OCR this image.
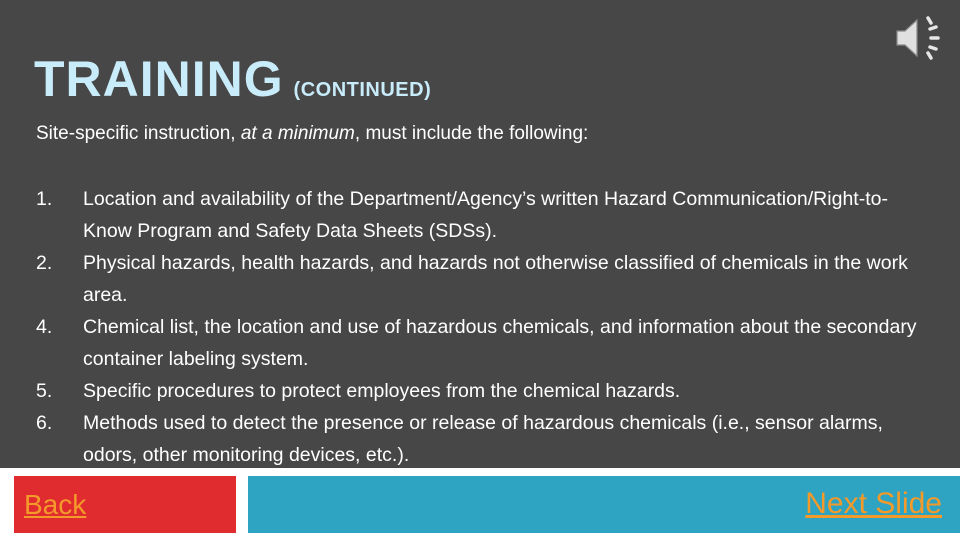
TRAINING (CONTINUED)
Site-specific instruction, at a minimum, must include the following:
1. Location and availability of the Department/Agency’s written Hazard Communication/Right-to-Know Program and Safety Data Sheets (SDSs).
2. Physical hazards, health hazards, and hazards not otherwise classified of chemicals in the work area.
4. Chemical list, the location and use of hazardous chemicals, and information about the secondary container labeling system.
5. Specific procedures to protect employees from the chemical hazards.
6. Methods used to detect the presence or release of hazardous chemicals (i.e., sensor alarms, odors, other monitoring devices, etc.).
Back	Next Slide
